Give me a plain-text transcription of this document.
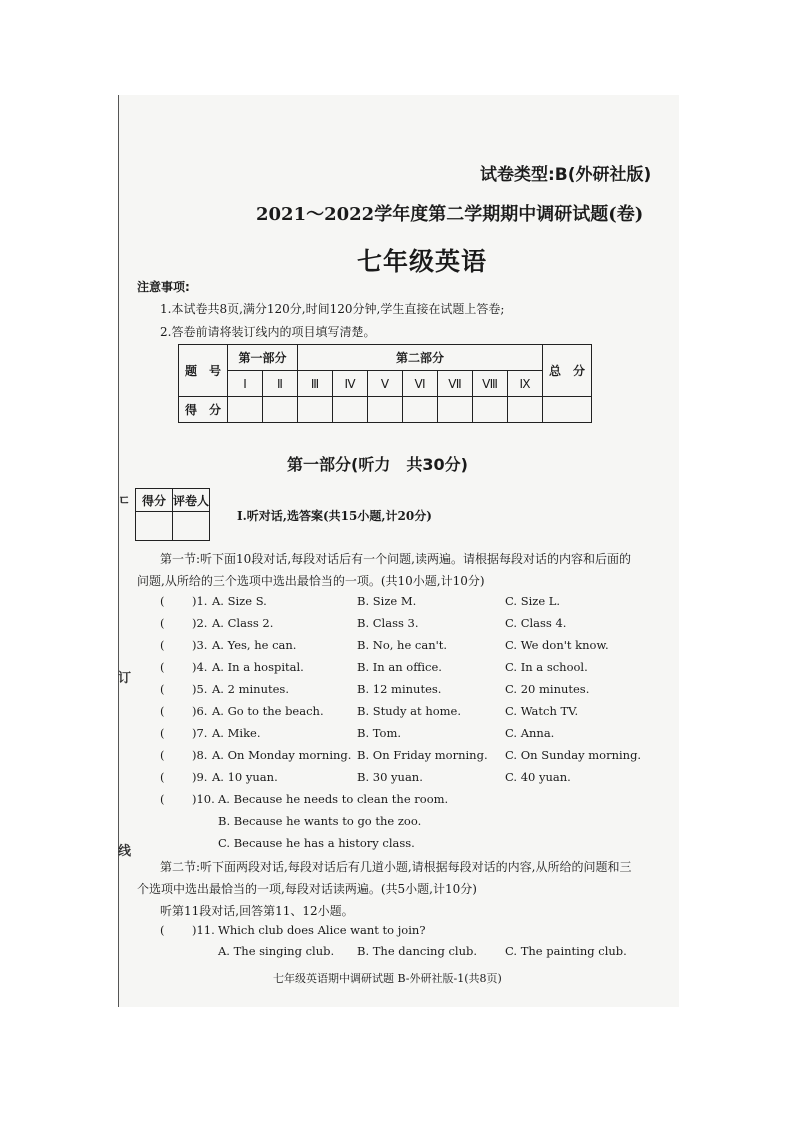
ㄷ
订
线
试卷类型:B(外研社版)
2021～2022学年度第二学期期中调研试题(卷)
七年级英语
注意事项:
1.本试卷共8页,满分120分,时间120分钟,学生直接在试题上答卷;
2.答卷前请将装订线内的项目填写清楚。
题　号	第一部分		第二部分							总　分
	Ⅰ	Ⅱ	Ⅲ	Ⅳ	Ⅴ	Ⅵ	Ⅶ	Ⅷ	Ⅸ	
得　分										
第一部分(听力　共30分)
得分	评卷人

Ⅰ.听对话,选答案(共15小题,计20分)
第一节:听下面10段对话,每段对话后有一个问题,读两遍。请根据每段对话的内容和后面的
问题,从所给的三个选项中选出最恰当的一项。(共10小题,计10分)
( )1. A. Size S.	B. Size M.	C. Size L.
( )2. A. Class 2.	B. Class 3.	C. Class 4.
( )3. A. Yes, he can.	B. No, he can't.	C. We don't know.
( )4. A. In a hospital.	B. In an office.	C. In a school.
( )5. A. 2 minutes.	B. 12 minutes.	C. 20 minutes.
( )6. A. Go to the beach.	B. Study at home.	C. Watch TV.
( )7. A. Mike.	B. Tom.	C. Anna.
( )8. A. On Monday morning. B. On Friday morning. C. On Sunday morning.
( )9. A. 10 yuan.	B. 30 yuan.	C. 40 yuan.
( )10. A. Because he needs to clean the room.
B. Because he wants to go the zoo.
C. Because he has a history class.
第二节:听下面两段对话,每段对话后有几道小题,请根据每段对话的内容,从所给的问题和三
个选项中选出最恰当的一项,每段对话读两遍。(共5小题,计10分)
听第11段对话,回答第11、12小题。
( )11. Which club does Alice want to join?
A. The singing club. B. The dancing club. C. The painting club.
七年级英语期中调研试题 B-外研社版-1(共8页)
